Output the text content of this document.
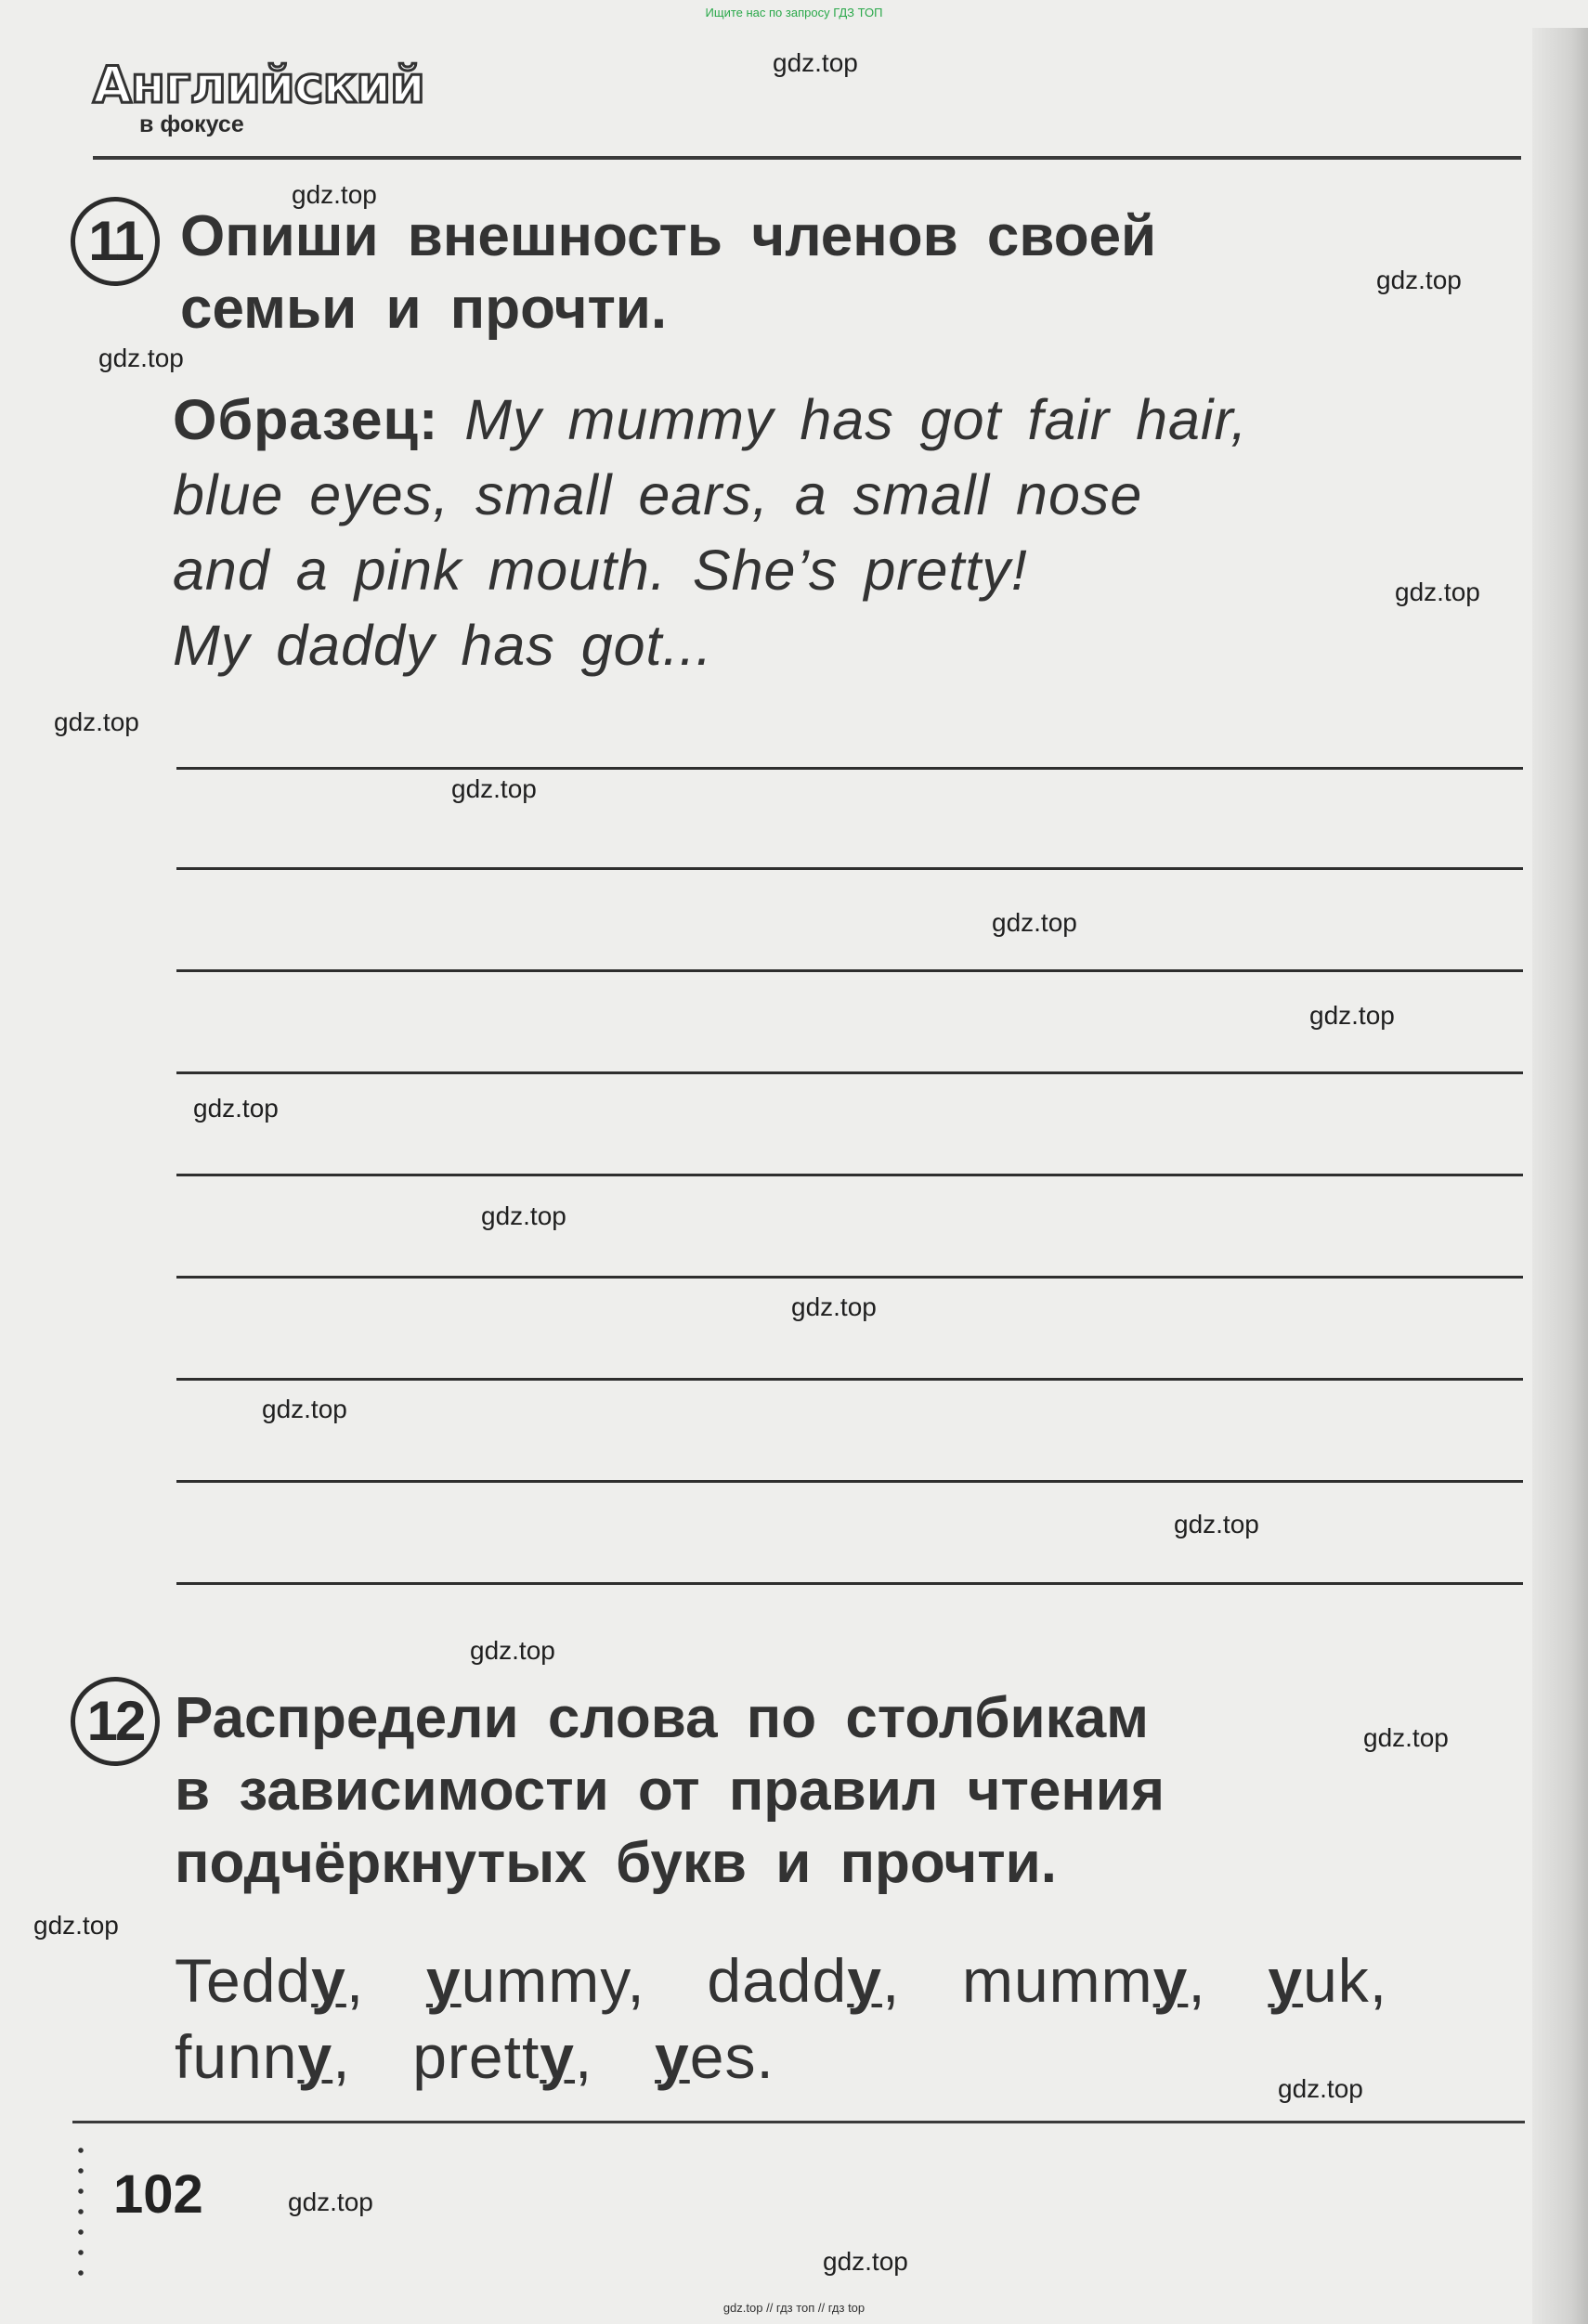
Ищите нас по запросу ГДЗ ТОП
Английский
в фокусе
11 Опиши внешность членов своей
семьи и прочти.
Образец: My mummy has got fair hair,
blue eyes, small ears, a small nose
and a pink mouth. She’s pretty!
My daddy has got...
12 Распредели слова по столбикам
в зависимости от правил чтения
подчёркнутых букв и прочти.
Teddy, yummy, daddy, mummy, yuk,
funny, pretty, yes.
102
gdz.top
gdz.top
gdz.top
gdz.top
gdz.top
gdz.top
gdz.top
gdz.top
gdz.top
gdz.top
gdz.top
gdz.top
gdz.top
gdz.top
gdz.top
gdz.top
gdz.top
gdz.top
gdz.top
gdz.top
gdz.top // гдз топ // гдз top
